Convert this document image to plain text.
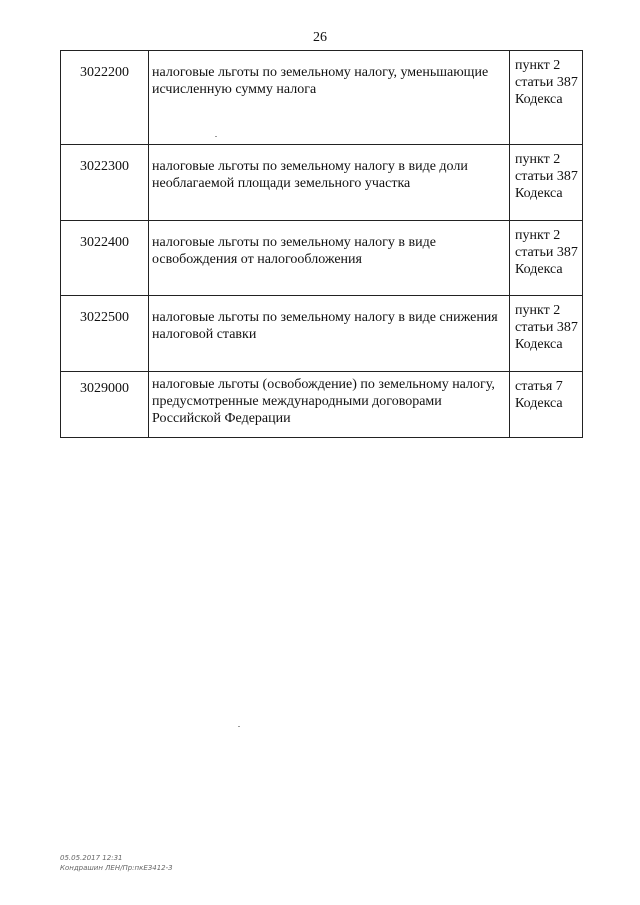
26
3022200	налоговые льготы по земельному налогу, уменьшающие исчисленную сумму налога	пункт 2
статьи 387
Кодекса

3022300	налоговые льготы по земельному налогу в виде доли необлагаемой площади земельного участка	пункт 2
статьи 387
Кодекса

3022400	налоговые льготы по земельному налогу в виде освобождения от налогообложения	пункт 2
статьи 387
Кодекса

3022500	налоговые льготы по земельному налогу в виде снижения налоговой ставки	пункт 2
статьи 387
Кодекса

3029000	налоговые льготы (освобождение) по земельному налогу, предусмотренные международными договорами Российской Федерации	статья 7
Кодекса
05.05.2017 12:31
Кондрашин ЛЕН/Пр:пкЕЗ412-3
